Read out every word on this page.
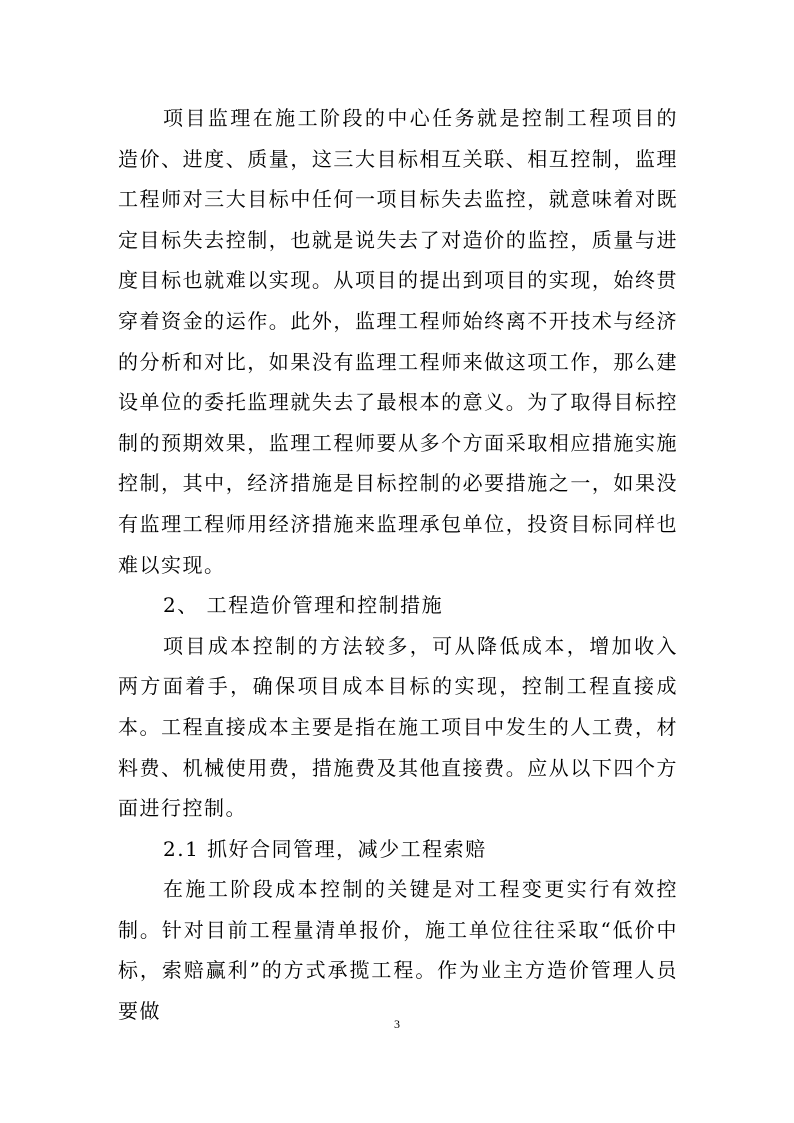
项目监理在施工阶段的中心任务就是控制工程项目的造价、进度、质量，这三大目标相互关联、相互控制，监理工程师对三大目标中任何一项目标失去监控，就意味着对既定目标失去控制，也就是说失去了对造价的监控，质量与进度目标也就难以实现。从项目的提出到项目的实现，始终贯穿着资金的运作。此外，监理工程师始终离不开技术与经济的分析和对比，如果没有监理工程师来做这项工作，那么建设单位的委托监理就失去了最根本的意义。为了取得目标控制的预期效果，监理工程师要从多个方面采取相应措施实施控制，其中，经济措施是目标控制的必要措施之一，如果没有监理工程师用经济措施来监理承包单位，投资目标同样也难以实现。

2、 工程造价管理和控制措施

项目成本控制的方法较多，可从降低成本，增加收入两方面着手，确保项目成本目标的实现，控制工程直接成本。工程直接成本主要是指在施工项目中发生的人工费，材料费、机械使用费，措施费及其他直接费。应从以下四个方面进行控制。

2.1 抓好合同管理，减少工程索赔

在施工阶段成本控制的关键是对工程变更实行有效控制。针对目前工程量清单报价，施工单位往往采取“低价中标，索赔赢利”的方式承揽工程。作为业主方造价管理人员要做

3
